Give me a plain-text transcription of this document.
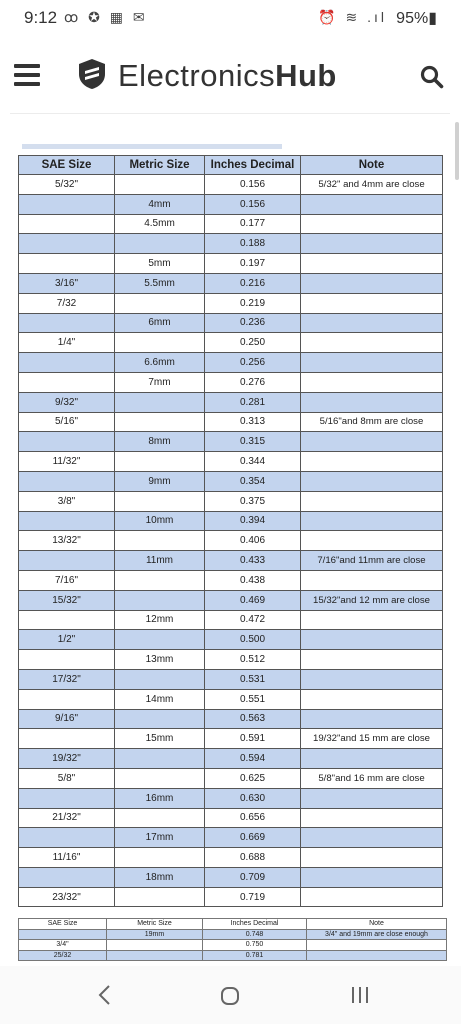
9:12 ꝏ ✪ ▦ ✉	⏰ ≋ .ıl 95%▮
ElectronicsHub
SAE Size	Metric Size	Inches Decimal	Note
5/32"		0.156	5/32" and 4mm are close
	4mm	0.156	
	4.5mm	0.177	
		0.188	
	5mm	0.197	
3/16"	5.5mm	0.216	
7/32		0.219	
	6mm	0.236	
1/4"		0.250	
	6.6mm	0.256	
	7mm	0.276	
9/32"		0.281	
5/16"		0.313	5/16"and 8mm are close
	8mm	0.315	
11/32"		0.344	
	9mm	0.354	
3/8"		0.375	
	10mm	0.394	
13/32"		0.406	
	11mm	0.433	7/16"and 11mm are close
7/16"		0.438	
15/32"		0.469	15/32"and 12 mm are close
	12mm	0.472	
1/2"		0.500	
	13mm	0.512	
17/32"		0.531	
	14mm	0.551	
9/16"		0.563	
	15mm	0.591	19/32"and 15 mm are close
19/32"		0.594	
5/8"		0.625	5/8"and 16 mm are close
	16mm	0.630	
21/32"		0.656	
	17mm	0.669	
11/16"		0.688	
	18mm	0.709	
23/32"		0.719	
SAE Size	Metric Size	Inches Decimal	Note
	19mm	0.748	3/4" and 19mm are close enough
3/4"		0.750	
25/32		0.781	
